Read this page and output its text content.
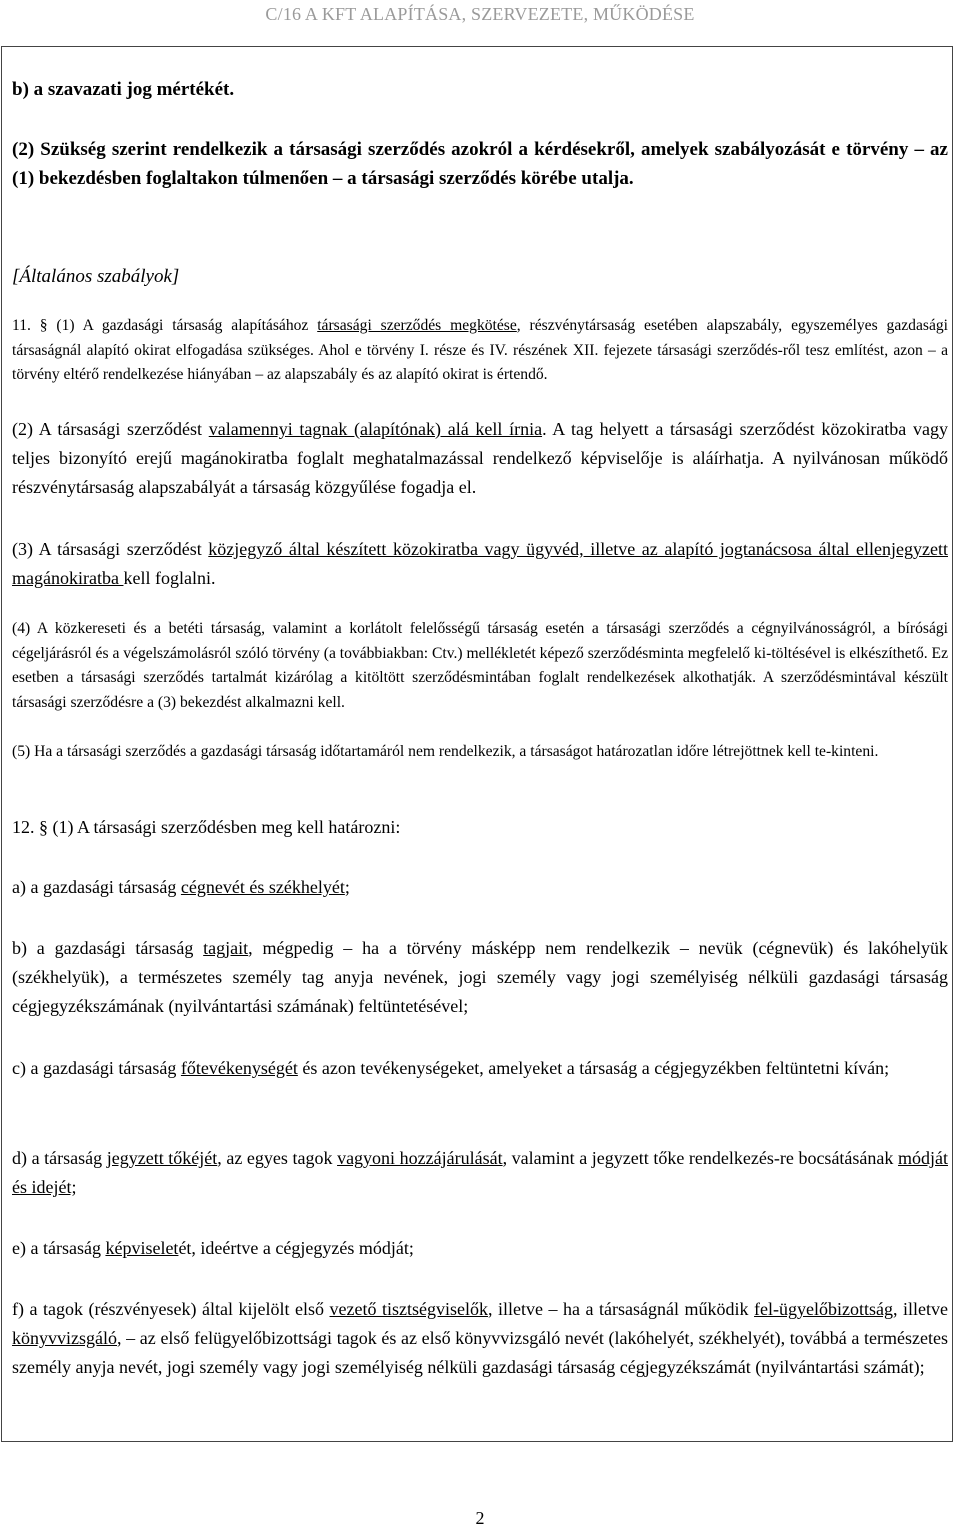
C/16 A KFT ALAPÍTÁSA, SZERVEZETE, MŰKÖDÉSE

b) a szavazati jog mértékét.

(2) Szükség szerint rendelkezik a társasági szerződés azokról a kérdésekről, amelyek szabályozását e törvény – az (1) bekezdésben foglaltakon túlmenően – a társasági szerződés körébe utalja.

[Általános szabályok]

11. § (1) A gazdasági társaság alapításához társasági szerződés megkötése, részvénytársaság esetében alapszabály, egyszemélyes gazdasági társaságnál alapító okirat elfogadása szükséges. Ahol e törvény I. része és IV. részének XII. fejezete társasági szerződés-ről tesz említést, azon – a törvény eltérő rendelkezése hiányában – az alapszabály és az alapító okirat is értendő.

(2) A társasági szerződést valamennyi tagnak (alapítónak) alá kell írnia. A tag helyett a társasági szerződést közokiratba vagy teljes bizonyító erejű magánokiratba foglalt meghatalmazással rendelkező képviselője is aláírhatja. A nyilvánosan működő részvénytársaság alapszabályát a társaság közgyűlése fogadja el.

(3) A társasági szerződést közjegyző által készített közokiratba vagy ügyvéd, illetve az alapító jogtanácsosa által ellenjegyzett magánokiratba kell foglalni.

(4) A közkereseti és a betéti társaság, valamint a korlátolt felelősségű társaság esetén a társasági szerződés a cégnyilvánosságról, a bírósági cégeljárásról és a végelszámolásról szóló törvény (a továbbiakban: Ctv.) mellékletét képező szerződésminta megfelelő ki-töltésével is elkészíthető. Ez esetben a társasági szerződés tartalmát kizárólag a kitöltött szerződésmintában foglalt rendelkezések alkothatják. A szerződésmintával készült társasági szerződésre a (3) bekezdést alkalmazni kell.

(5) Ha a társasági szerződés a gazdasági társaság időtartamáról nem rendelkezik, a társaságot határozatlan időre létrejöttnek kell te-kinteni.

12. § (1) A társasági szerződésben meg kell határozni:

a) a gazdasági társaság cégnevét és székhelyét;

b) a gazdasági társaság tagjait, mégpedig – ha a törvény másképp nem rendelkezik – nevük (cégnevük) és lakóhelyük (székhelyük), a természetes személy tag anyja nevének, jogi személy vagy jogi személyiség nélküli gazdasági társaság cégjegyzékszámának (nyilvántartási számának) feltüntetésével;

c) a gazdasági társaság főtevékenységét és azon tevékenységeket, amelyeket a társaság a cégjegyzékben feltüntetni kíván;

d) a társaság jegyzett tőkéjét, az egyes tagok vagyoni hozzájárulását, valamint a jegyzett tőke rendelkezés-re bocsátásának módját és idejét;

e) a társaság képviseletét, ideértve a cégjegyzés módját;

f) a tagok (részvényesek) által kijelölt első vezető tisztségviselők, illetve – ha a társaságnál működik fel-ügyelőbizottság, illetve könyvvizsgáló, – az első felügyelőbizottsági tagok és az első könyvvizsgáló nevét (lakóhelyét, székhelyét), továbbá a természetes személy anyja nevét, jogi személy vagy jogi személyiség nélküli gazdasági társaság cégjegyzékszámát (nyilvántartási számát);

2
